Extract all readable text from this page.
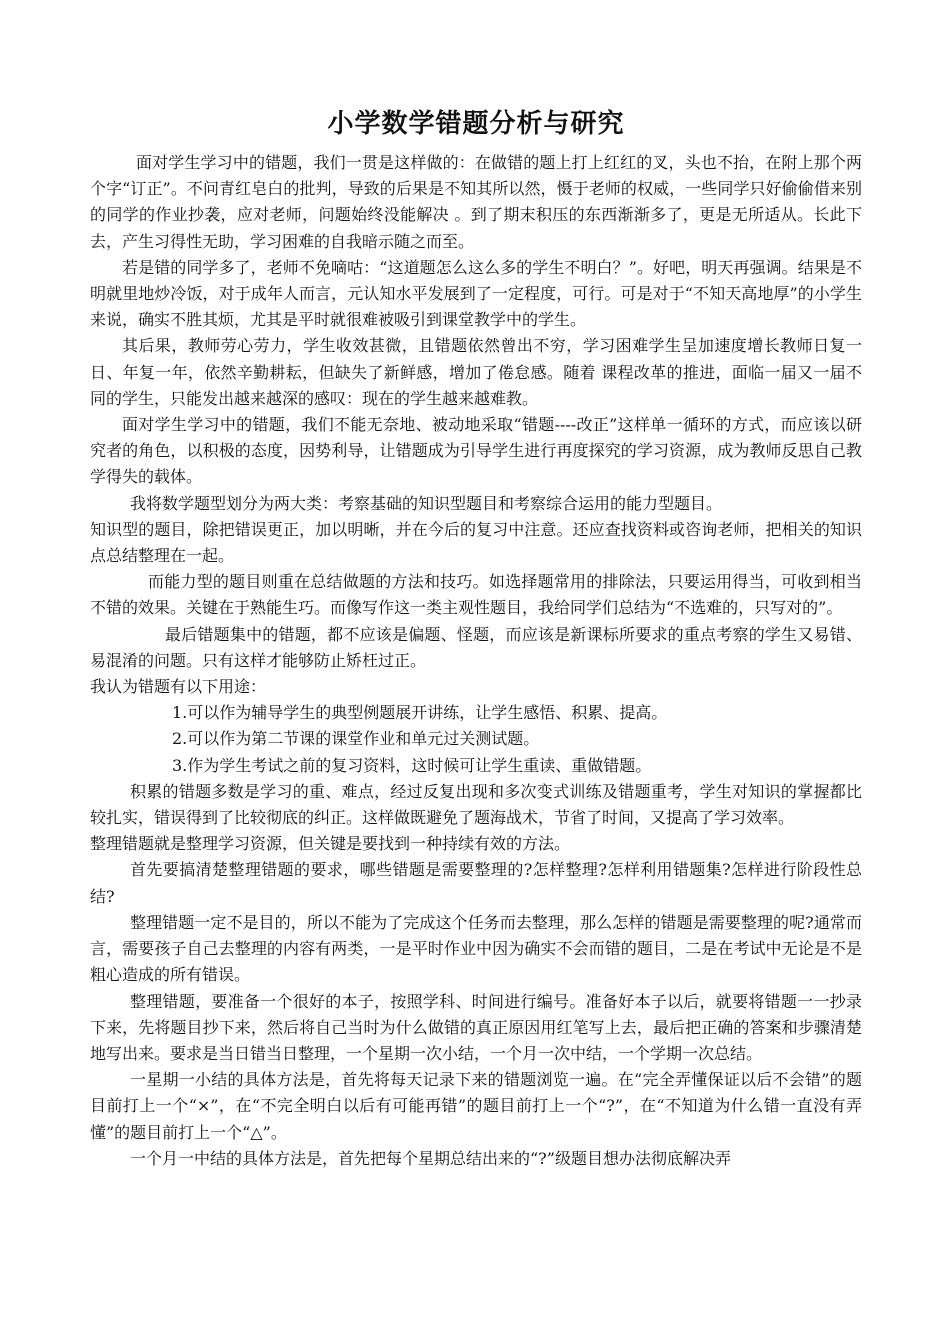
小学数学错题分析与研究

面对学生学习中的错题，我们一贯是这样做的：在做错的题上打上红红的叉，头也不抬，在附上那个两个字“订正”。不问青红皂白的批判，导致的后果是不知其所以然，慑于老师的权威，一些同学只好偷偷借来别的同学的作业抄袭，应对老师，问题始终没能解决 。到了期末积压的东西渐渐多了，更是无所适从。长此下去，产生习得性无助，学习困难的自我暗示随之而至。

若是错的同学多了，老师不免嘀咕：“这道题怎么这么多的学生不明白？”。好吧，明天再强调。结果是不明就里地炒冷饭，对于成年人而言，元认知水平发展到了一定程度，可行。可是对于“不知天高地厚”的小学生来说，确实不胜其烦，尤其是平时就很难被吸引到课堂教学中的学生。

其后果，教师劳心劳力，学生收效甚微，且错题依然曾出不穷，学习困难学生呈加速度增长教师日复一日、年复一年，依然辛勤耕耘，但缺失了新鲜感，增加了倦怠感。随着 课程改革的推进，面临一届又一届不同的学生，只能发出越来越深的感叹：现在的学生越来越难教。

面对学生学习中的错题，我们不能无奈地、被动地采取“错题----改正”这样单一循环的方式，而应该以研究者的角色，以积极的态度，因势利导，让错题成为引导学生进行再度探究的学习资源，成为教师反思自己教学得失的载体。

我将数学题型划分为两大类：考察基础的知识型题目和考察综合运用的能力型题目。

知识型的题目，除把错误更正，加以明晰，并在今后的复习中注意。还应查找资料或咨询老师，把相关的知识点总结整理在一起。

而能力型的题目则重在总结做题的方法和技巧。如选择题常用的排除法，只要运用得当，可收到相当不错的效果。关键在于熟能生巧。而像写作这一类主观性题目，我给同学们总结为“不选难的，只写对的”。

最后错题集中的错题，都不应该是偏题、怪题，而应该是新课标所要求的重点考察的学生又易错、易混淆的问题。只有这样才能够防止矫枉过正。

我认为错题有以下用途：

1.可以作为辅导学生的典型例题展开讲练，让学生感悟、积累、提高。

2.可以作为第二节课的课堂作业和单元过关测试题。

3.作为学生考试之前的复习资料，这时候可让学生重读、重做错题。

积累的错题多数是学习的重、难点，经过反复出现和多次变式训练及错题重考，学生对知识的掌握都比较扎实，错误得到了比较彻底的纠正。这样做既避免了题海战术，节省了时间，又提高了学习效率。

整理错题就是整理学习资源，但关键是要找到一种持续有效的方法。

首先要搞清楚整理错题的要求，哪些错题是需要整理的?怎样整理?怎样利用错题集?怎样进行阶段性总结?

整理错题一定不是目的，所以不能为了完成这个任务而去整理，那么怎样的错题是需要整理的呢?通常而言，需要孩子自己去整理的内容有两类，一是平时作业中因为确实不会而错的题目，二是在考试中无论是不是粗心造成的所有错误。

整理错题，要准备一个很好的本子，按照学科、时间进行编号。准备好本子以后，就要将错题一一抄录下来，先将题目抄下来，然后将自己当时为什么做错的真正原因用红笔写上去，最后把正确的答案和步骤清楚地写出来。要求是当日错当日整理，一个星期一次小结，一个月一次中结，一个学期一次总结。

一星期一小结的具体方法是，首先将每天记录下来的错题浏览一遍。在“完全弄懂保证以后不会错”的题目前打上一个“×”，在“不完全明白以后有可能再错”的题目前打上一个“?”，在“不知道为什么错一直没有弄懂”的题目前打上一个“△”。

一个月一中结的具体方法是，首先把每个星期总结出来的“?”级题目想办法彻底解决弄
